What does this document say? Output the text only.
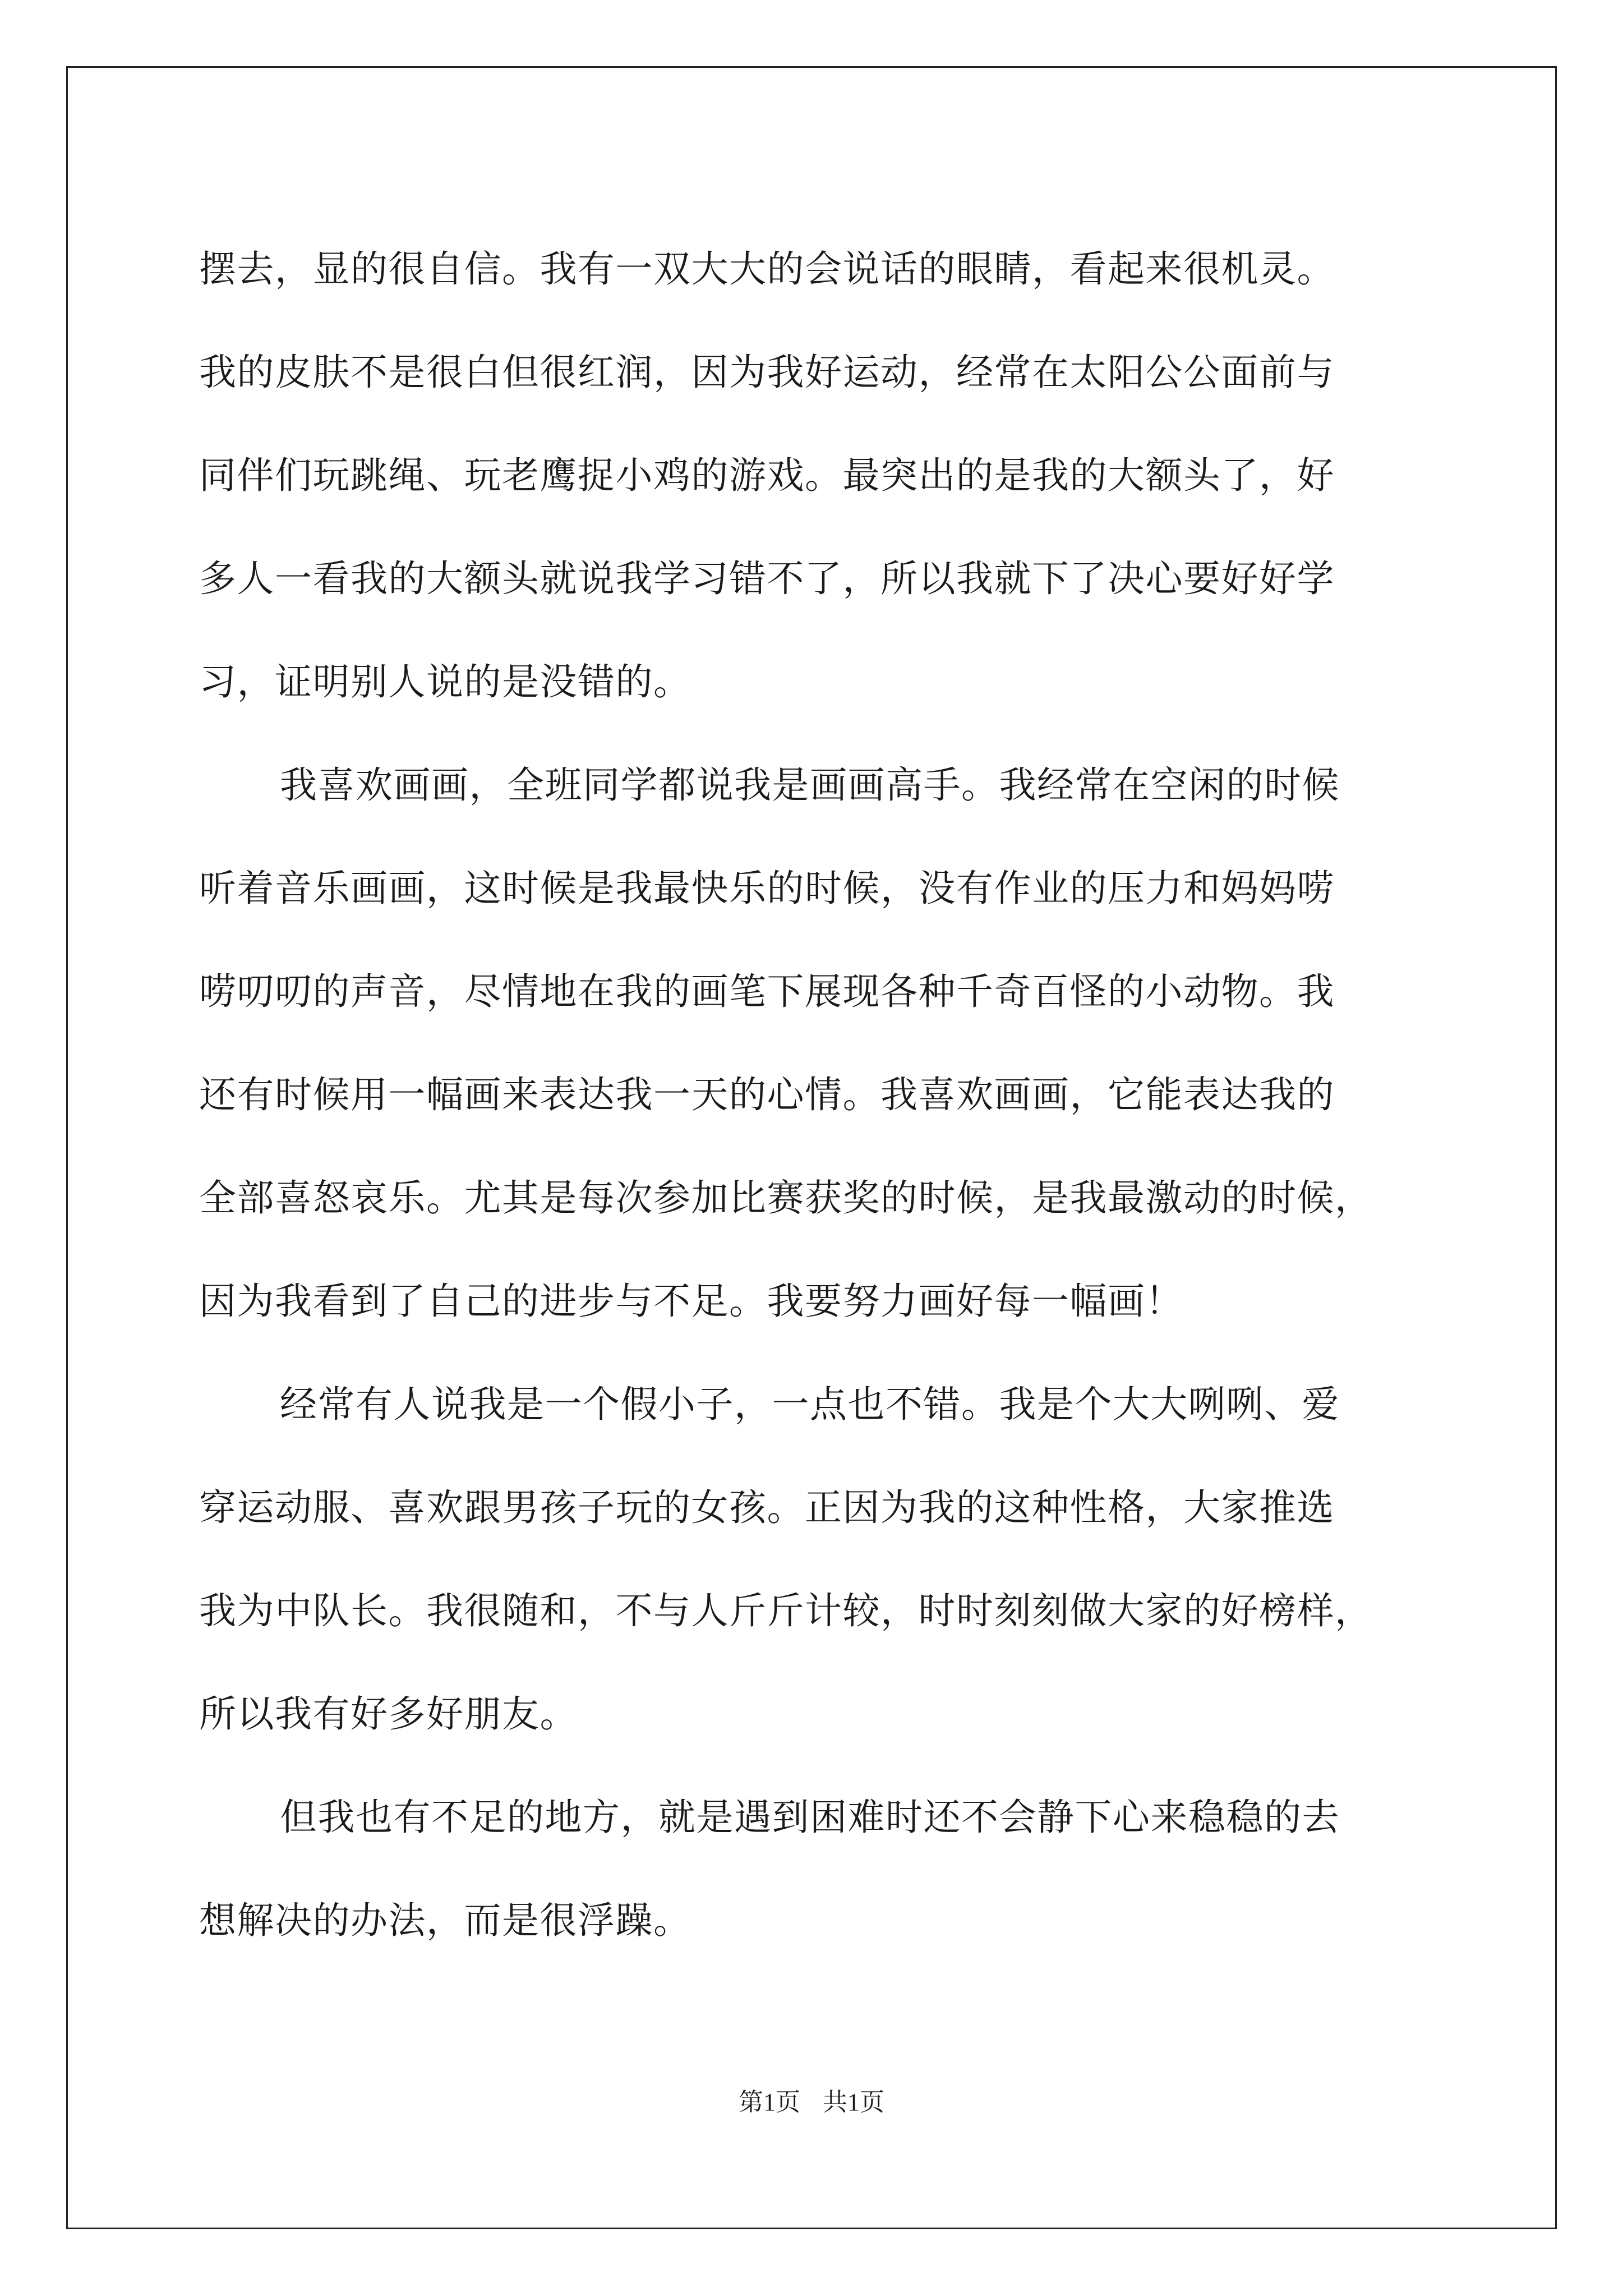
摆去，显的很自信。我有一双大大的会说话的眼睛，看起来很机灵。
我的皮肤不是很白但很红润，因为我好运动，经常在太阳公公面前与
同伴们玩跳绳、玩老鹰捉小鸡的游戏。最突出的是我的大额头了，好
多人一看我的大额头就说我学习错不了，所以我就下了决心要好好学
习，证明别人说的是没错的。
我喜欢画画，全班同学都说我是画画高手。我经常在空闲的时候
听着音乐画画，这时候是我最快乐的时候，没有作业的压力和妈妈唠
唠叨叨的声音，尽情地在我的画笔下展现各种千奇百怪的小动物。我
还有时候用一幅画来表达我一天的心情。我喜欢画画，它能表达我的
全部喜怒哀乐。尤其是每次参加比赛获奖的时候，是我最激动的时候，
因为我看到了自己的进步与不足。我要努力画好每一幅画！
经常有人说我是一个假小子，一点也不错。我是个大大咧咧、爱
穿运动服、喜欢跟男孩子玩的女孩。正因为我的这种性格，大家推选
我为中队长。我很随和，不与人斤斤计较，时时刻刻做大家的好榜样，
所以我有好多好朋友。
但我也有不足的地方，就是遇到困难时还不会静下心来稳稳的去
想解决的办法，而是很浮躁。
第1页 共1页
